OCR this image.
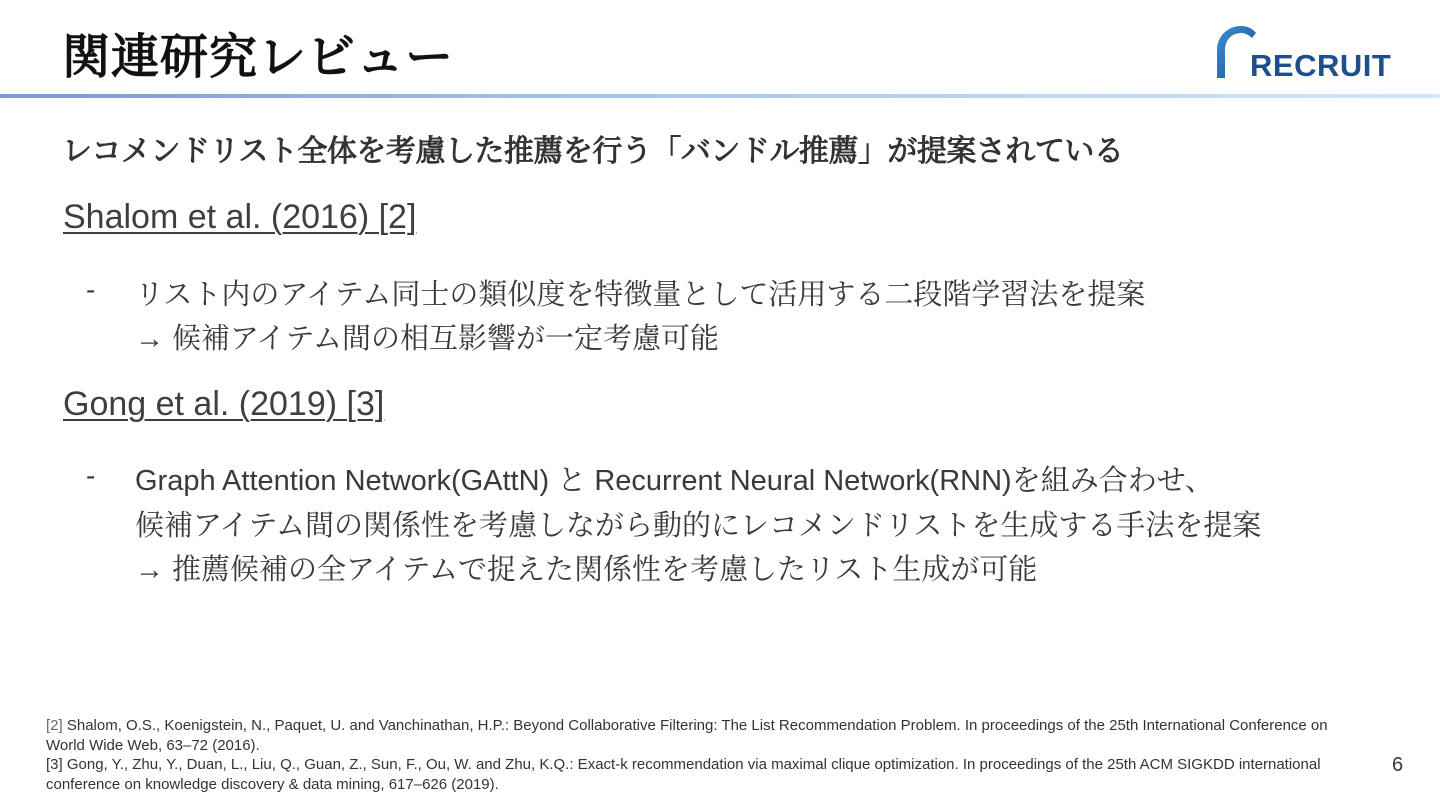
関連研究レビュー	RECRUIT
レコメンドリスト全体を考慮した推薦を行う「バンドル推薦」が提案されている
Shalom et al. (2016) [2]
- リスト内のアイテム同士の類似度を特徴量として活用する二段階学習法を提案
→ 候補アイテム間の相互影響が一定考慮可能
Gong et al. (2019) [3]
- Graph Attention Network(GAttN) と Recurrent Neural Network(RNN)を組み合わせ、
候補アイテム間の関係性を考慮しながら動的にレコメンドリストを生成する手法を提案
→ 推薦候補の全アイテムで捉えた関係性を考慮したリスト生成が可能
[2] Shalom, O.S., Koenigstein, N., Paquet, U. and Vanchinathan, H.P.: Beyond Collaborative Filtering: The List Recommendation Problem. In proceedings of the 25th International Conference on World Wide Web, 63–72 (2016).
[3] Gong, Y., Zhu, Y., Duan, L., Liu, Q., Guan, Z., Sun, F., Ou, W. and Zhu, K.Q.: Exact-k recommendation via maximal clique optimization. In proceedings of the 25th ACM SIGKDD international conference on knowledge discovery & data mining, 617–626 (2019).
6
